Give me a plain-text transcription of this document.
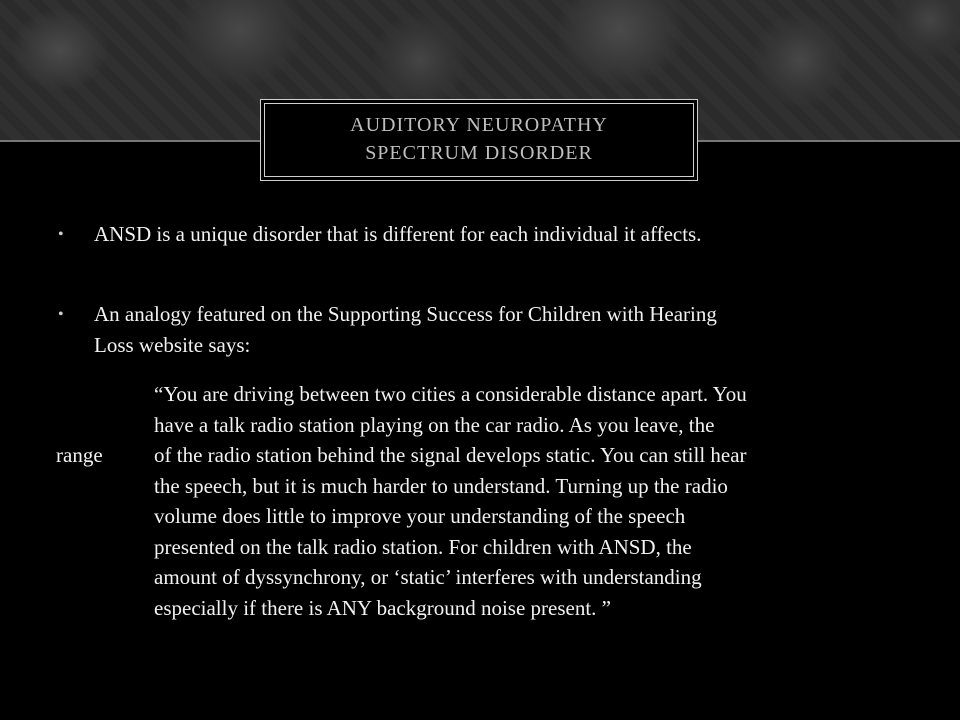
AUDITORY NEUROPATHY
SPECTRUM DISORDER
• ANSD is a unique disorder that is different for each individual it affects.
• An analogy featured on the Supporting Success for Children with Hearing
Loss website says:
range
“You are driving between two cities a considerable distance apart. You
have a talk radio station playing on the car radio. As you leave, the
of the radio station behind the signal develops static. You can still hear
the speech, but it is much harder to understand. Turning up the radio
volume does little to improve your understanding of the speech
presented on the talk radio station. For children with ANSD, the
amount of dyssynchrony, or ‘static’ interferes with understanding
especially if there is ANY background noise present. ”
